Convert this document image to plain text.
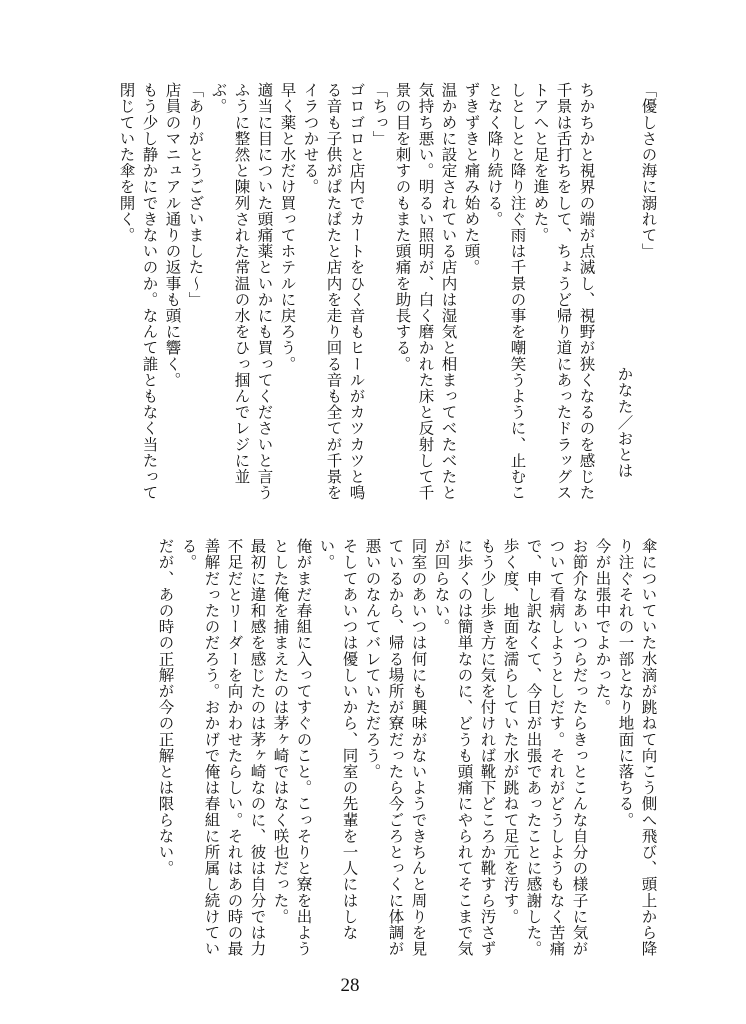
「優しさの海に溺れて」

かなた／おとは

ちかちかと視界の端が点滅し、視野が狭くなるのを感じた

千景は舌打ちをして、ちょうど帰り道にあったドラッグス

トアへと足を進めた。

しとしとと降り注ぐ雨は千景の事を嘲笑うように、止むこ

となく降り続ける。

ずきずきと痛み始めた頭。

温かめに設定されている店内は湿気と相まってべたべたと

気持ち悪い。明るい照明が、白く磨かれた床と反射して千

景の目を刺すのもまた頭痛を助長する。

「ちっ」

ゴロゴロと店内でカートをひく音もヒールがカツカツと鳴

る音も子供がぱたぱたと店内を走り回る音も全てが千景を

イラつかせる。

早く薬と水だけ買ってホテルに戻ろう。

適当に目についた頭痛薬といかにも買ってくださいと言う

ふうに整然と陳列された常温の水をひっ掴んでレジに並

ぶ。

「ありがとうございました～」

店員のマニュアル通りの返事も頭に響く。

もう少し静かにできないのか。なんて誰ともなく当たって

閉じていた傘を開く。

傘についていた水滴が跳ねて向こう側へ飛び、頭上から降

り注ぐそれの一部となり地面に落ちる。

今が出張中でよかった。

お節介なあいつらだったらきっとこんな自分の様子に気が

ついて看病しようとしだす。それがどうしようもなく苦痛

で、申し訳なくて、今日が出張であったことに感謝した。

歩く度、地面を濡らしていた水が跳ねて足元を汚す。

もう少し歩き方に気を付ければ靴下どころか靴すら汚さず

に歩くのは簡単なのに、どうも頭痛にやられてそこまで気

が回らない。

同室のあいつは何にも興味がないようできちんと周りを見

ているから、帰る場所が寮だったら今ごろとっくに体調が

悪いのなんてバレていただろう。

そしてあいつは優しいから、同室の先輩を一人にはしな

い。

俺がまだ春組に入ってすぐのこと。こっそりと寮を出よう

とした俺を捕まえたのは茅ヶ崎ではなく咲也だった。

最初に違和感を感じたのは茅ヶ崎なのに、彼は自分では力

不足だとリーダーを向かわせたらしい。それはあの時の最

善解だったのだろう。おかげで俺は春組に所属し続けてい

る。

だが、あの時の正解が今の正解とは限らない。

28
